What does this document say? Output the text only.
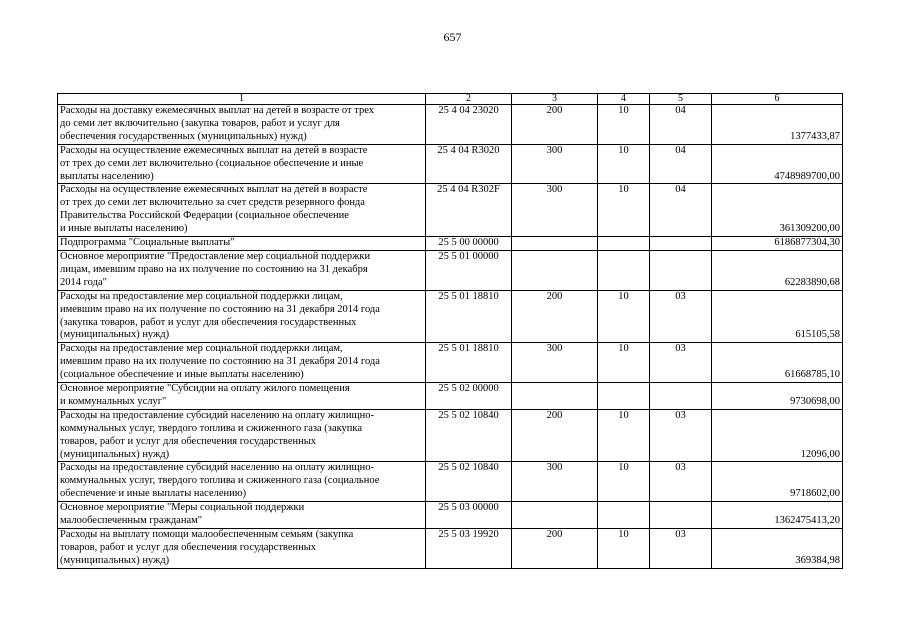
657
1	2	3	4	5	6

Расходы на доставку ежемесячных выплат на детей в возрасте от трех
до семи лет включительно (закупка товаров, работ и услуг для
обеспечения государственных (муниципальных) нужд)	25 4 04 23020	200	10	04	1377433,87

Расходы на осуществление ежемесячных выплат на детей в возрасте
от трех до семи лет включительно (социальное обеспечение и иные
выплаты населению)	25 4 04 R3020	300	10	04	4748989700,00

Расходы на осуществление ежемесячных выплат на детей в возрасте
от трех до семи лет включительно за счет средств резервного фонда
Правительства Российской Федерации (социальное обеспечение
и иные выплаты населению)	25 4 04 R302F	300	10	04	361309200,00

Подпрограмма "Социальные выплаты"	25 5 00 00000				6186877304,30

Основное мероприятие "Предоставление мер социальной поддержки
лицам, имевшим право на их получение по состоянию на 31 декабря
2014 года"	25 5 01 00000				62283890,68

Расходы на предоставление мер социальной поддержки лицам,
имевшим право на их получение по состоянию на 31 декабря 2014 года
(закупка товаров, работ и услуг для обеспечения государственных
(муниципальных) нужд)	25 5 01 18810	200	10	03	615105,58

Расходы на предоставление мер социальной поддержки лицам,
имевшим право на их получение по состоянию на 31 декабря 2014 года
(социальное обеспечение и иные выплаты населению)	25 5 01 18810	300	10	03	61668785,10

Основное мероприятие "Субсидии на оплату жилого помещения
и коммунальных услуг"	25 5 02 00000				9730698,00

Расходы на предоставление субсидий населению на оплату жилищно-
коммунальных услуг, твердого топлива и сжиженного газа (закупка
товаров, работ и услуг для обеспечения государственных
(муниципальных) нужд)	25 5 02 10840	200	10	03	12096,00

Расходы на предоставление субсидий населению на оплату жилищно-
коммунальных услуг, твердого топлива и сжиженного газа (социальное
обеспечение и иные выплаты населению)	25 5 02 10840	300	10	03	9718602,00

Основное мероприятие "Меры социальной поддержки
малообеспеченным гражданам"	25 5 03 00000				1362475413,20

Расходы на выплату помощи малообеспеченным семьям (закупка
товаров, работ и услуг для обеспечения государственных
(муниципальных) нужд)	25 5 03 19920	200	10	03	369384,98
